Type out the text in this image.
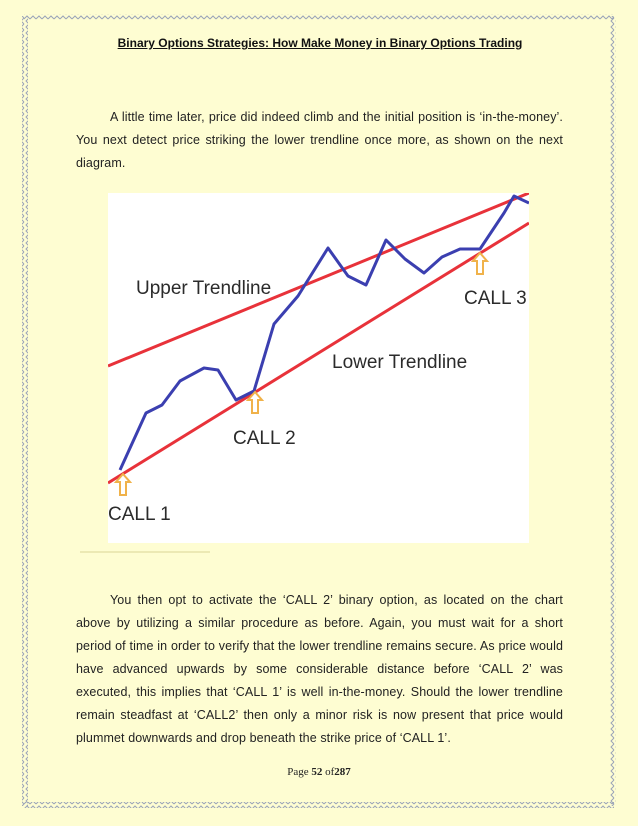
Binary Options Strategies: How Make Money in Binary Options Trading

A little time later, price did indeed climb and the initial position is ‘in-the-money’. You next detect price striking the lower trendline once more, as shown on the next diagram.

Upper Trendline
Lower Trendline
CALL 1
CALL 2
CALL 3

You then opt to activate the ‘CALL 2’ binary option, as located on the chart above by utilizing a similar procedure as before. Again, you must wait for a short period of time in order to verify that the lower trendline remains secure. As price would have advanced upwards by some considerable distance before ‘CALL 2’ was executed, this implies that ‘CALL 1’ is well in-the-money. Should the lower trendline remain steadfast at ‘CALL2’ then only a minor risk is now present that price would plummet downwards and drop beneath the strike price of ‘CALL 1’.

Page 52 of287
